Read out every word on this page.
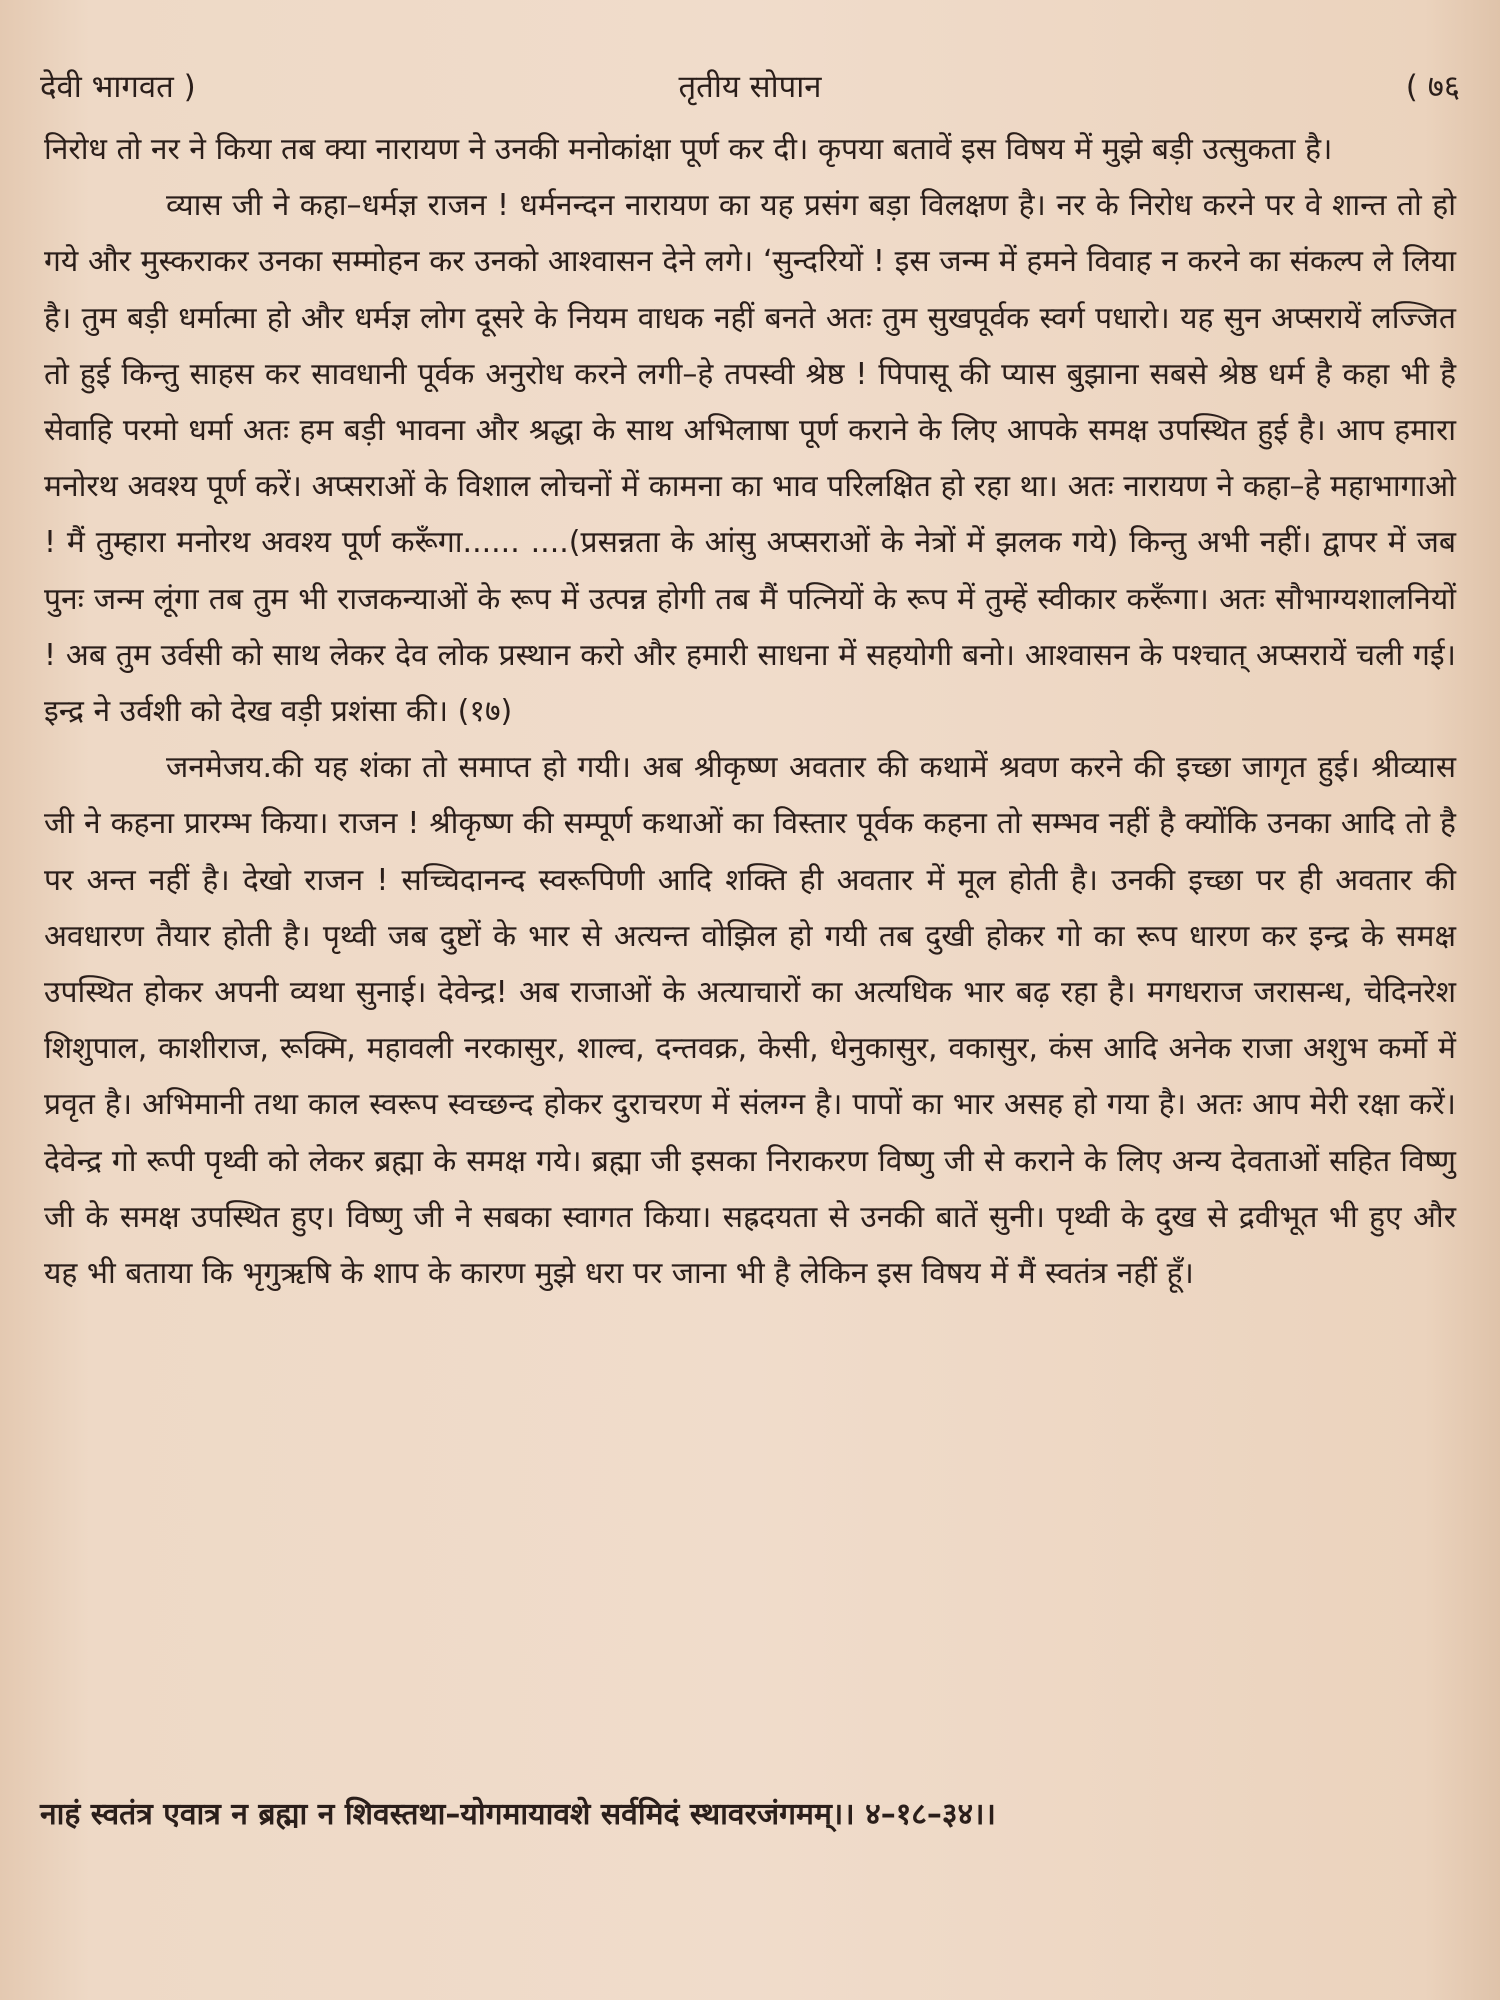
देवी भागवत )	तृतीय सोपान	( ७६

निरोध तो नर ने किया तब क्या नारायण ने उनकी मनोकांक्षा पूर्ण कर दी। कृपया बतावें इस विषय में मुझे बड़ी उत्सुकता है।

व्यास जी ने कहा–धर्मज्ञ राजन ! धर्मनन्दन नारायण का यह प्रसंग बड़ा विलक्षण है। नर के निरोध करने पर वे शान्त तो हो गये और मुस्कराकर उनका सम्मोहन कर उनको आश्वासन देने लगे। ‘सुन्दरियों ! इस जन्म में हमने विवाह न करने का संकल्प ले लिया है। तुम बड़ी धर्मात्मा हो और धर्मज्ञ लोग दूसरे के नियम वाधक नहीं बनते अतः तुम सुखपूर्वक स्वर्ग पधारो। यह सुन अप्सरायें लज्जित तो हुई किन्तु साहस कर सावधानी पूर्वक अनुरोध करने लगी–हे तपस्वी श्रेष्ठ ! पिपासू की प्यास बुझाना सबसे श्रेष्ठ धर्म है कहा भी है सेवाहि परमो धर्मा अतः हम बड़ी भावना और श्रद्धा के साथ अभिलाषा पूर्ण कराने के लिए आपके समक्ष उपस्थित हुई है। आप हमारा मनोरथ अवश्य पूर्ण करें। अप्सराओं के विशाल लोचनों में कामना का भाव परिलक्षित हो रहा था। अतः नारायण ने कहा–हे महाभागाओ ! मैं तुम्हारा मनोरथ अवश्य पूर्ण करूँगा...... ....(प्रसन्नता के आंसु अप्सराओं के नेत्रों में झलक गये) किन्तु अभी नहीं। द्वापर में जब पुनः जन्म लूंगा तब तुम भी राजकन्याओं के रूप में उत्पन्न होगी तब मैं पत्नियों के रूप में तुम्हें स्वीकार करूँगा। अतः सौभाग्यशालनियों ! अब तुम उर्वसी को साथ लेकर देव लोक प्रस्थान करो और हमारी साधना में सहयोगी बनो। आश्वासन के पश्चात् अप्सरायें चली गई। इन्द्र ने उर्वशी को देख वड़ी प्रशंसा की। (१७)

जनमेजय.की यह शंका तो समाप्त हो गयी। अब श्रीकृष्ण अवतार की कथामें श्रवण करने की इच्छा जागृत हुई। श्रीव्यास जी ने कहना प्रारम्भ किया। राजन ! श्रीकृष्ण की सम्पूर्ण कथाओं का विस्तार पूर्वक कहना तो सम्भव नहीं है क्योंकि उनका आदि तो है पर अन्त नहीं है। देखो राजन ! सच्चिदानन्द स्वरूपिणी आदि शक्ति ही अवतार में मूल होती है। उनकी इच्छा पर ही अवतार की अवधारण तैयार होती है। पृथ्वी जब दुष्टों के भार से अत्यन्त वोझिल हो गयी तब दुखी होकर गो का रूप धारण कर इन्द्र के समक्ष उपस्थित होकर अपनी व्यथा सुनाई। देवेन्द्र! अब राजाओं के अत्याचारों का अत्यधिक भार बढ़ रहा है। मगधराज जरासन्ध, चेदिनरेश शिशुपाल, काशीराज, रूक्मि, महावली नरकासुर, शाल्व, दन्तवक्र, केसी, धेनुकासुर, वकासुर, कंस आदि अनेक राजा अशुभ कर्मो में प्रवृत है। अभिमानी तथा काल स्वरूप स्वच्छन्द होकर दुराचरण में संलग्न है। पापों का भार असह हो गया है। अतः आप मेरी रक्षा करें। देवेन्द्र गो रूपी पृथ्वी को लेकर ब्रह्मा के समक्ष गये। ब्रह्मा जी इसका निराकरण विष्णु जी से कराने के लिए अन्य देवताओं सहित विष्णु जी के समक्ष उपस्थित हुए। विष्णु जी ने सबका स्वागत किया। सह्रदयता से उनकी बातें सुनी। पृथ्वी के दुख से द्रवीभूत भी हुए और यह भी बताया कि भृगुऋषि के शाप के कारण मुझे धरा पर जाना भी है लेकिन इस विषय में मैं स्वतंत्र नहीं हूँ।

नाहं स्वतंत्र एवात्र न ब्रह्मा न शिवस्तथा–योगमायावशे सर्वमिदं स्थावरजंगमम्।। ४–१८–३४।।
